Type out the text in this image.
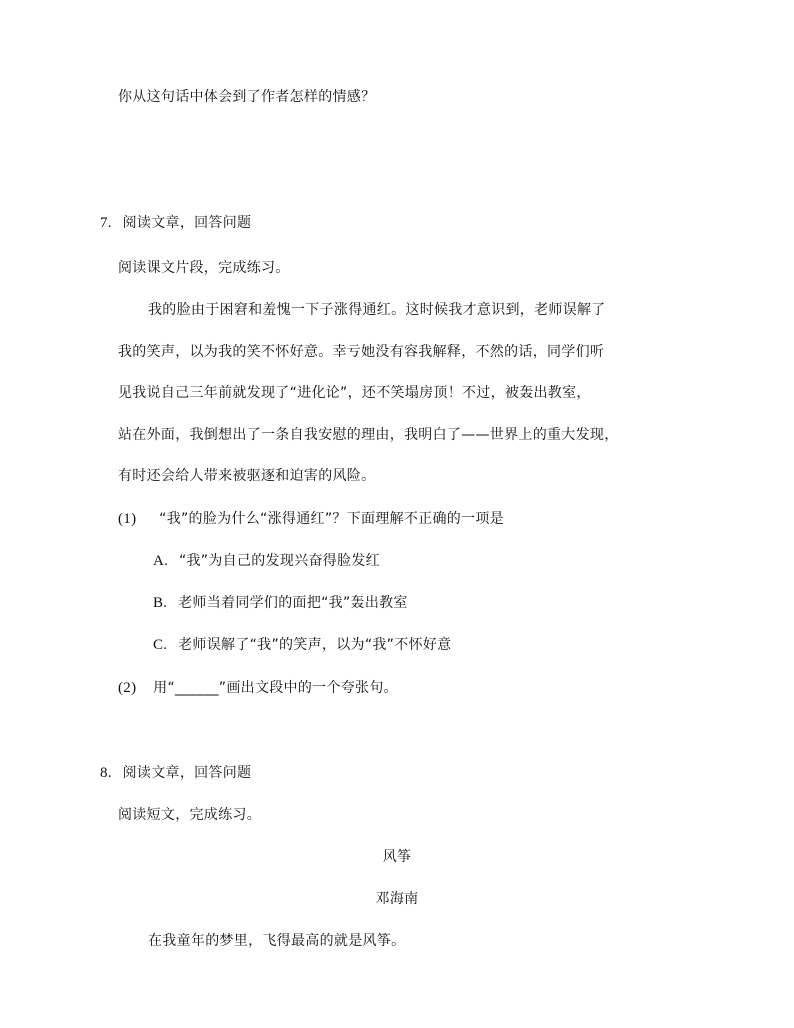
你从这句话中体会到了作者怎样的情感？
7. 阅读文章，回答问题
阅读课文片段，完成练习。
我的脸由于困窘和羞愧一下子涨得通红。这时候我才意识到，老师误解了
我的笑声，以为我的笑不怀好意。幸亏她没有容我解释，不然的话，同学们听
见我说自己三年前就发现了“进化论”，还不笑塌房顶！不过，被轰出教室，
站在外面，我倒想出了一条自我安慰的理由，我明白了——世界上的重大发现，
有时还会给人带来被驱逐和迫害的风险。
(1) “我”的脸为什么“涨得通红”？下面理解不正确的一项是
A. “我”为自己的发现兴奋得脸发红
B. 老师当着同学们的面把“我”轰出教室
C. 老师误解了“我”的笑声，以为“我”不怀好意
(2) 用“______”画出文段中的一个夸张句。
8. 阅读文章，回答问题
阅读短文，完成练习。
风筝
邓海南
在我童年的梦里，飞得最高的就是风筝。
